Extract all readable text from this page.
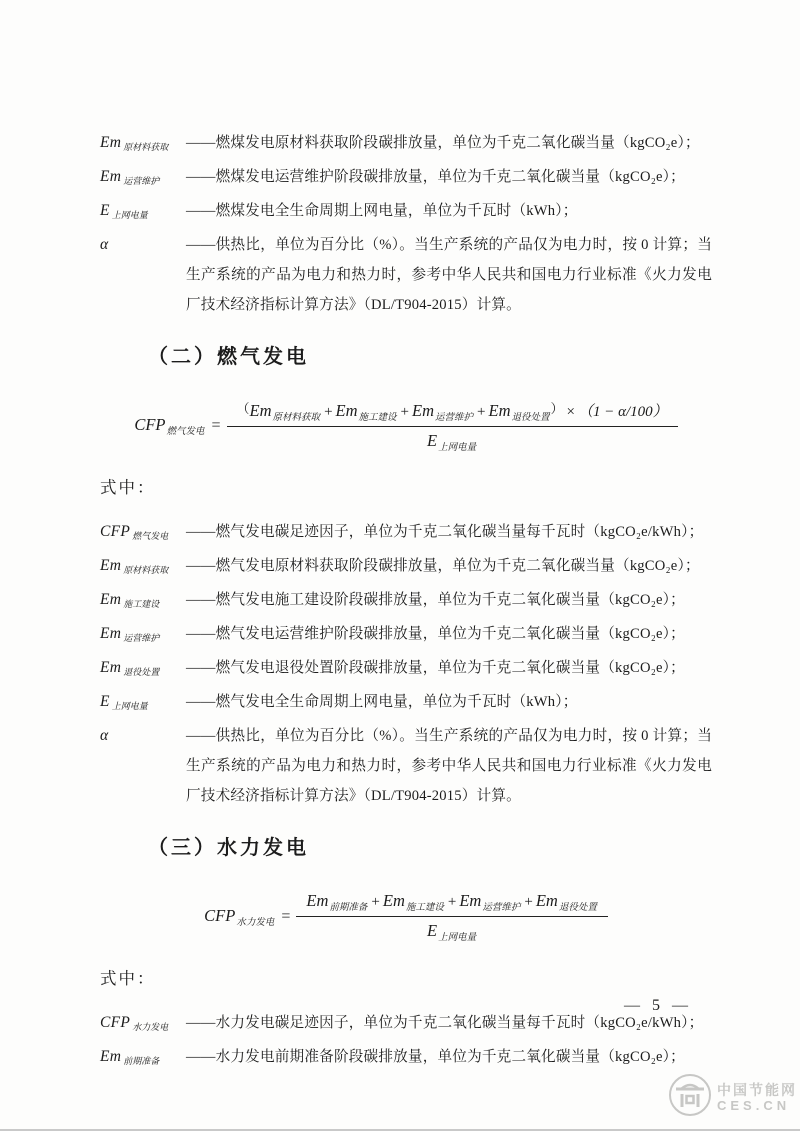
Em 原材料获取	——燃煤发电原材料获取阶段碳排放量，单位为千克二氧化碳当量（kgCO₂e）；
Em 运营维护	——燃煤发电运营维护阶段碳排放量，单位为千克二氧化碳当量（kgCO₂e）；
E上网电量	——燃煤发电全生命周期上网电量，单位为千瓦时（kWh）；
α	——供热比，单位为百分比（%）。当生产系统的产品仅为电力时，按 0 计算；当生产系统的产品为电力和热力时，参考中华人民共和国电力行业标准《火力发电厂技术经济指标计算方法》（DL/T904-2015）计算。
（二）燃气发电
$CFP_{燃气发电} = \frac{(Em_{原材料获取} + Em_{施工建设} + Em_{运营维护} + Em_{退役处置}) \times (1 - \alpha/100)}{E_{上网电量}}$
式中：
CFP 燃气发电	——燃气发电碳足迹因子，单位为千克二氧化碳当量每千瓦时（kgCO₂e/kWh）；
Em 原材料获取	——燃气发电原材料获取阶段碳排放量，单位为千克二氧化碳当量（kgCO₂e）；
Em 施工建设	——燃气发电施工建设阶段碳排放量，单位为千克二氧化碳当量（kgCO₂e）；
Em 运营维护	——燃气发电运营维护阶段碳排放量，单位为千克二氧化碳当量（kgCO₂e）；
Em 退役处置	——燃气发电退役处置阶段碳排放量，单位为千克二氧化碳当量（kgCO₂e）；
E上网电量	——燃气发电全生命周期上网电量，单位为千瓦时（kWh）；
α	——供热比，单位为百分比（%）。当生产系统的产品仅为电力时，按 0 计算；当生产系统的产品为电力和热力时，参考中华人民共和国电力行业标准《火力发电厂技术经济指标计算方法》（DL/T904-2015）计算。
（三）水力发电
$CFP_{水力发电} = \frac{Em_{前期准备} + Em_{施工建设} + Em_{运营维护} + Em_{退役处置}}{E_{上网电量}}$
式中：
CFP 水力发电	——水力发电碳足迹因子，单位为千克二氧化碳当量每千瓦时（kgCO₂e/kWh）；
Em 前期准备	——水力发电前期准备阶段碳排放量，单位为千克二氧化碳当量（kgCO₂e）；
— 5 —
中国节能网
CES.CN
